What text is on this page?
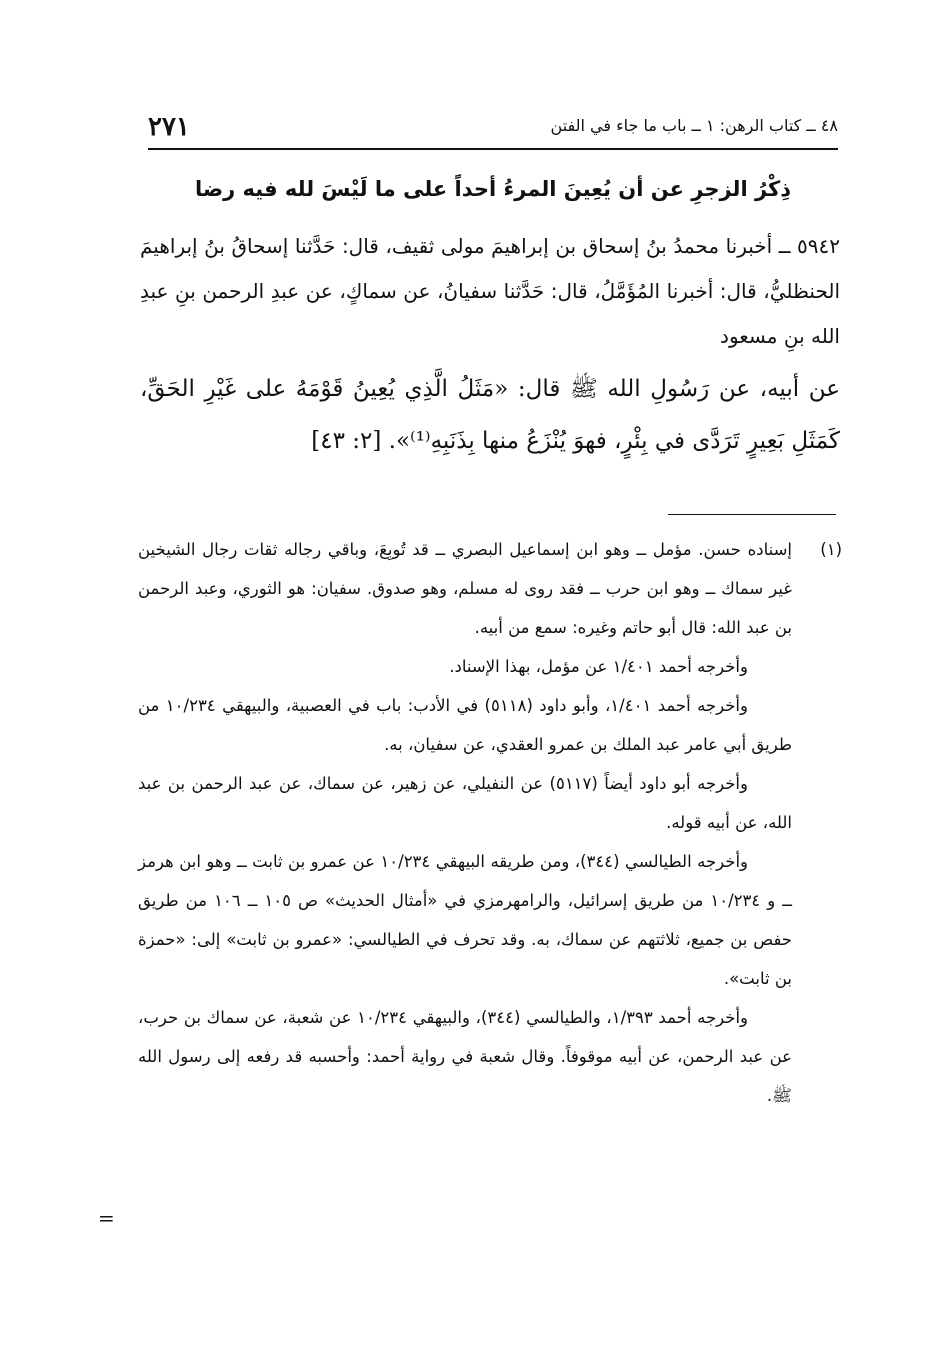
٢٧١	٤٨ ــ كتاب الرهن: ١ ــ باب ما جاء في الفتن
ذِكْرُ الزجرِ عن أن يُعِينَ المرءُ أحداً على ما لَيْسَ لله فيه رضا

٥٩٤٢ ــ أخبرنا محمدُ بنُ إسحاق بن إبراهيمَ مولى ثقيف، قال: حَدَّثنا إسحاقُ بنُ إبراهيمَ الحنظليُّ، قال: أخبرنا المُؤَمَّلُ، قال: حَدَّثنا سفيانُ، عن سماكٍ، عن عبدِ الرحمن بنِ عبدِ الله بنِ مسعود

عن أبيه، عن رَسُولِ الله ﷺ قال: «مَثَلُ الَّذِي يُعِينُ قَوْمَهُ على غَيْرِ الحَقِّ، كَمَثَلِ بَعِيرٍ تَرَدَّى في بِئْرٍ، فهوَ يُنْزَعُ منها بِذَنَبِهِ⁽¹⁾». [٢: ٤٣]

(١)

إسناده حسن. مؤمل ــ وهو ابن إسماعيل البصري ــ قد تُوبِعَ، وباقي رجاله ثقات رجال الشيخين غير سماك ــ وهو ابن حرب ــ فقد روى له مسلم، وهو صدوق. سفيان: هو الثوري، وعبد الرحمن بن عبد الله: قال أبو حاتم وغيره: سمع من أبيه.

وأخرجه أحمد ١/٤٠١ عن مؤمل، بهذا الإسناد.

وأخرجه أحمد ١/٤٠١، وأبو داود (٥١١٨) في الأدب: باب في العصبية، والبيهقي ١٠/٢٣٤ من طريق أبي عامر عبد الملك بن عمرو العقدي، عن سفيان، به.

وأخرجه أبو داود أيضاً (٥١١٧) عن النفيلي، عن زهير، عن سماك، عن عبد الرحمن بن عبد الله، عن أبيه قوله.

وأخرجه الطيالسي (٣٤٤)، ومن طريقه البيهقي ١٠/٢٣٤ عن عمرو بن ثابت ــ وهو ابن هرمز ــ و ١٠/٢٣٤ من طريق إسرائيل، والرامهرمزي في «أمثال الحديث» ص ١٠٥ ــ ١٠٦ من طريق حفص بن جميع، ثلاثتهم عن سماك، به. وقد تحرف في الطيالسي: «عمرو بن ثابت» إلى: «حمزة بن ثابت».

وأخرجه أحمد ١/٣٩٣، والطيالسي (٣٤٤)، والبيهقي ١٠/٢٣٤ عن شعبة، عن سماك بن حرب، عن عبد الرحمن، عن أبيه موقوفاً. وقال شعبة في رواية أحمد: وأحسبه قد رفعه إلى رسول الله ﷺ.

=
